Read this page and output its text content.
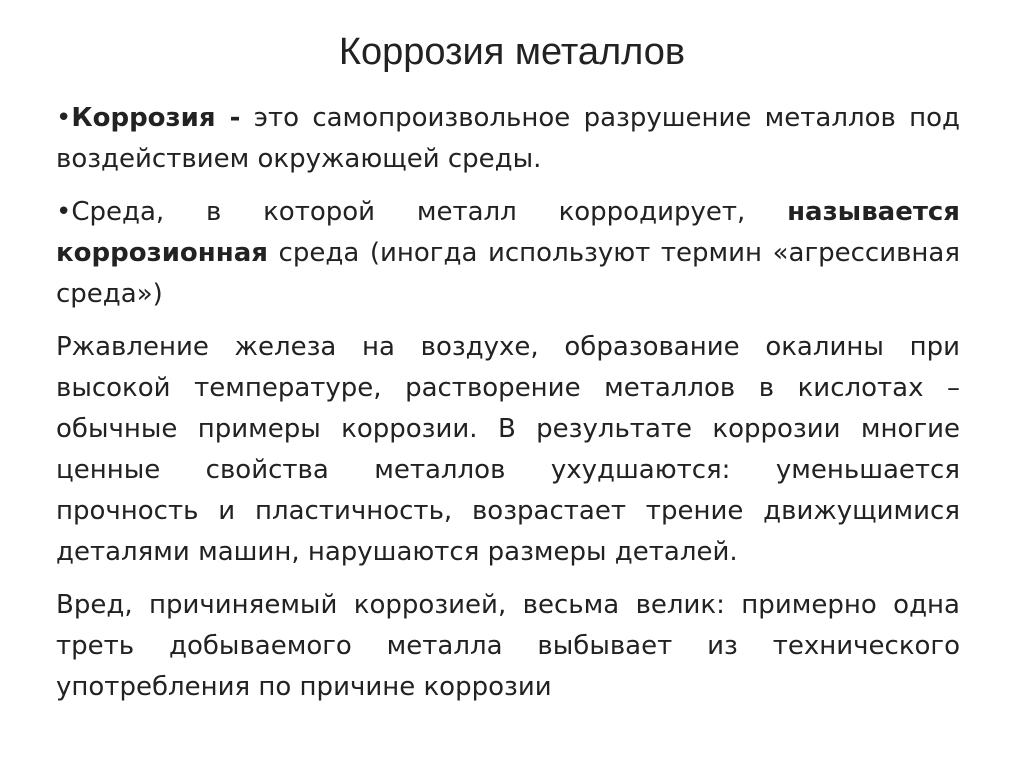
Коррозия металлов

•Коррозия - это самопроизвольное разрушение металлов под воздействием окружающей среды.

•Среда, в которой металл корродирует, называется коррозионная среда (иногда используют термин «агрессивная среда»)

Ржавление железа на воздухе, образование окалины при высокой температуре, растворение металлов в кислотах – обычные примеры коррозии. В результате коррозии многие ценные свойства металлов ухудшаются: уменьшается прочность и пластичность, возрастает трение движущимися деталями машин, нарушаются размеры деталей.

Вред, причиняемый коррозией, весьма велик: примерно одна треть добываемого металла выбывает из технического употребления по причине коррозии
